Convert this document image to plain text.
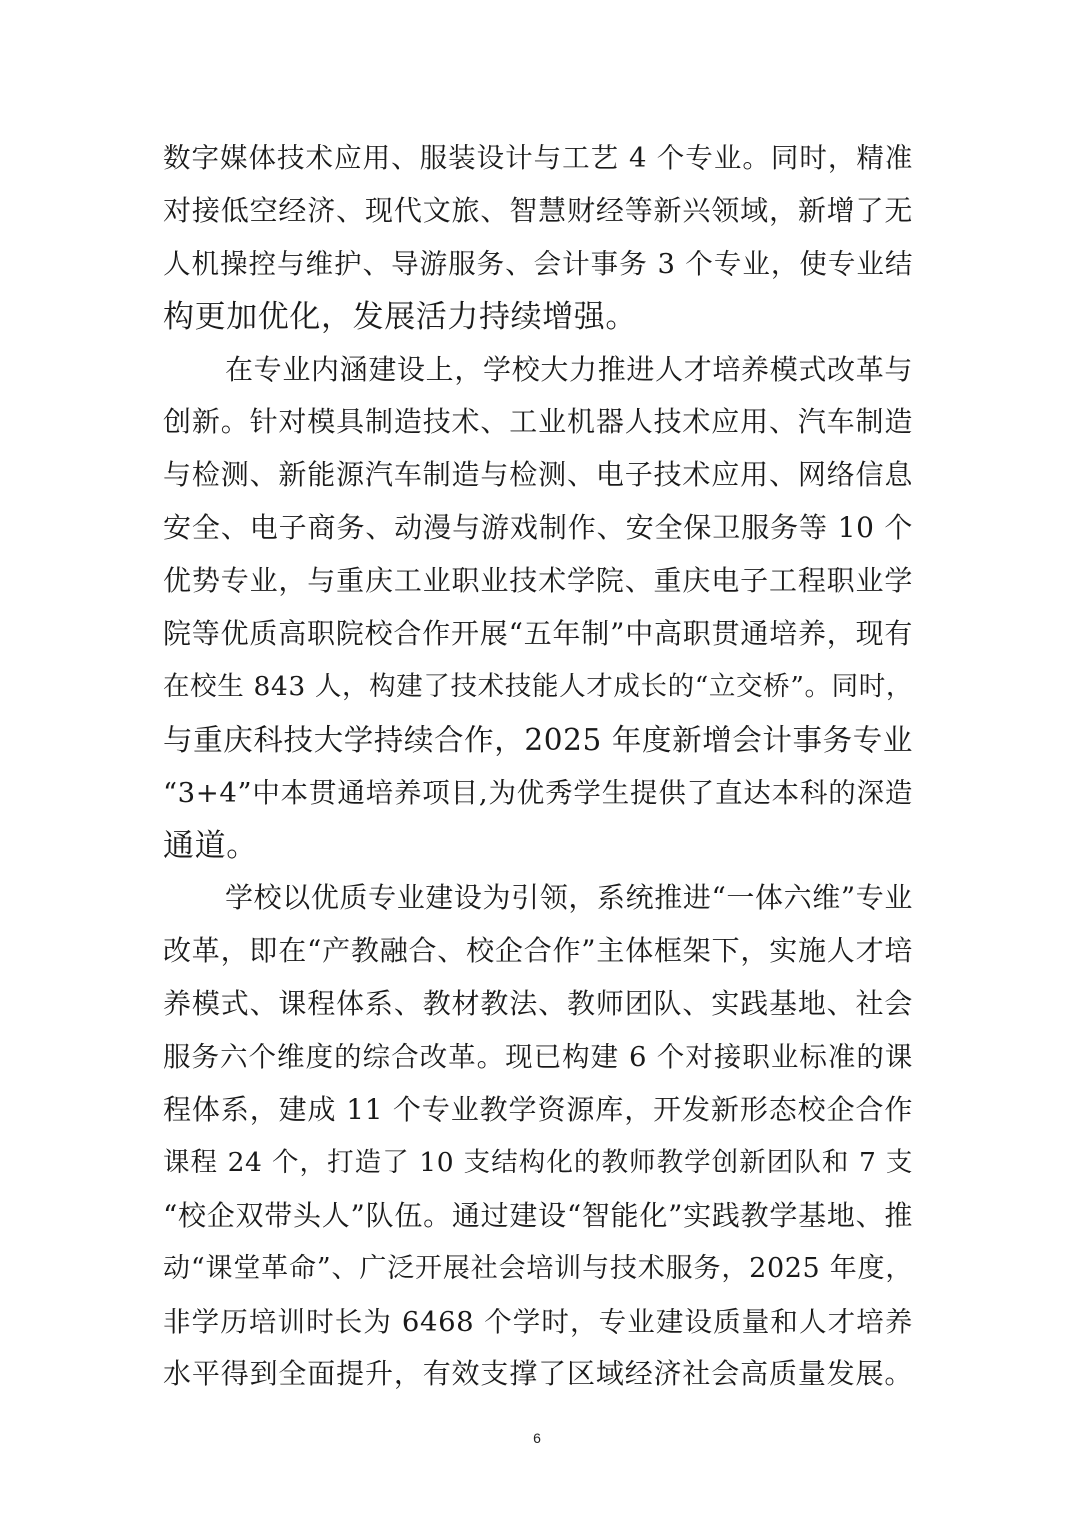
数字媒体技术应用、服装设计与工艺 4 个专业。同时，精准
对接低空经济、现代文旅、智慧财经等新兴领域，新增了无
人机操控与维护、导游服务、会计事务 3 个专业，使专业结
构更加优化，发展活力持续增强。
在专业内涵建设上，学校大力推进人才培养模式改革与
创新。针对模具制造技术、工业机器人技术应用、汽车制造
与检测、新能源汽车制造与检测、电子技术应用、网络信息
安全、电子商务、动漫与游戏制作、安全保卫服务等 10 个
优势专业，与重庆工业职业技术学院、重庆电子工程职业学
院等优质高职院校合作开展“五年制”中高职贯通培养，现有
在校生 843 人，构建了技术技能人才成长的“立交桥”。同时，
与重庆科技大学持续合作，2025 年度新增会计事务专业
“3+4”中本贯通培养项目,为优秀学生提供了直达本科的深造
通道。
学校以优质专业建设为引领，系统推进“一体六维”专业
改革，即在“产教融合、校企合作”主体框架下，实施人才培
养模式、课程体系、教材教法、教师团队、实践基地、社会
服务六个维度的综合改革。现已构建 6 个对接职业标准的课
程体系，建成 11 个专业教学资源库，开发新形态校企合作
课程 24 个，打造了 10 支结构化的教师教学创新团队和 7 支
“校企双带头人”队伍。通过建设“智能化”实践教学基地、推
动“课堂革命”、广泛开展社会培训与技术服务，2025 年度，
非学历培训时长为 6468 个学时，专业建设质量和人才培养
水平得到全面提升，有效支撑了区域经济社会高质量发展。
6
